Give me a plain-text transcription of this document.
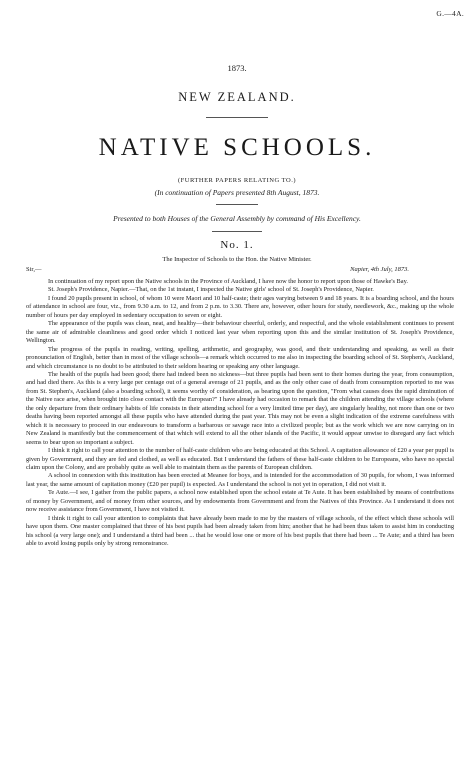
G.—4A.
1873.
NEW ZEALAND.
NATIVE SCHOOLS.
(FURTHER PAPERS RELATING TO.)
(In continuation of Papers presented 8th August, 1873.
Presented to both Houses of the General Assembly by command of His Excellency.
No. 1.
The Inspector of Schools to the Hon. the Native Minister.
Sir,—	Napier, 4th July, 1873.

In continuation of my report upon the Native schools in the Province of Auckland, I have now the honor to report upon those of Hawke's Bay.

St. Joseph's Providence, Napier.—That, on the 1st instant, I inspected the Native girls' school of St. Joseph's Providence, Napier.

I found 20 pupils present in school, of whom 10 were Maori and 10 half-caste; their ages varying between 9 and 18 years. It is a boarding school, and the hours of attendance in school are four, viz., from 9.30 a.m. to 12, and from 2 p.m. to 3.30. There are, however, other hours for study, needlework, &c., making up the whole number of hours per day employed in sedentary occupation to seven or eight.

The appearance of the pupils was clean, neat, and healthy—their behaviour cheerful, orderly, and respectful, and the whole establishment continues to present the same air of admirable cleanliness and good order which I noticed last year when reporting upon this and the similar institution of St. Joseph's Providence, Wellington.

The progress of the pupils in reading, writing, spelling, arithmetic, and geography, was good, and their understanding and speaking, as well as their pronounciation of English, better than in most of the village schools—a remark which occurred to me also in inspecting the boarding school of St. Stephen's, Auckland, and which circumstance is no doubt to be attributed to their seldom hearing or speaking any other language.

The health of the pupils had been good; there had indeed been no sickness—but three pupils had been sent to their homes during the year, from consumption, and had died there. As this is a very large per centage out of a general average of 21 pupils, and as the only other case of death from consumption reported to me was from St. Stephen's, Auckland (also a boarding school), it seems worthy of consideration, as bearing upon the question, "From what causes does the rapid diminution of the Native race arise, when brought into close contact with the European?" I have already had occasion to remark that the children attending the village schools (where the only departure from their ordinary habits of life consists in their attending school for a very limited time per day), are singularly healthy, not more than one or two deaths having been reported amongst all these pupils who have attended during the past year. This may not be even a slight indication of the extreme carefulness with which it is necessary to proceed in our endeavours to transform a barbarous or savage race into a civilized people; but as the work which we are now carrying on in New Zealand is manifestly but the commencement of that which will extend to all the other islands of the Pacific, it would appear unwise to disregard any fact which seems to bear upon so important a subject.

I think it right to call your attention to the number of half-caste children who are being educated at this School. A capitation allowance of £20 a year per pupil is given by Government, and they are fed and clothed, as well as educated. But I understand the fathers of these half-caste children to be Europeans, who have no special claim upon the Colony, and are probably quite as well able to maintain them as the parents of European children.

A school in connexion with this institution has been erected at Meanee for boys, and is intended for the accommodation of 30 pupils, for whom, I was informed last year, the same amount of capitation money (£20 per pupil) is expected. As I understand the school is not yet in operation, I did not visit it.

Te Aute.—I see, I gather from the public papers, a school now established upon the school estate at Te Aute. It has been established by means of contributions of money by Government, and of money from other sources, and by endowments from Government and from the Natives of this Province. As I understand it does not now receive assistance from Government, I have not visited it.

I think it right to call your attention to complaints that have already been made to me by the masters of village schools, of the effect which these schools will have upon them. One master complained that three of his best pupils had been already taken from him; another that he had been thus taken to assist him in conducting his school (a very large one); and I understand a third had been ... that he would lose one or more of his best pupils that there had been ... Te Aute; and a third has been able to avoid losing pupils only by strong remonstrance.
